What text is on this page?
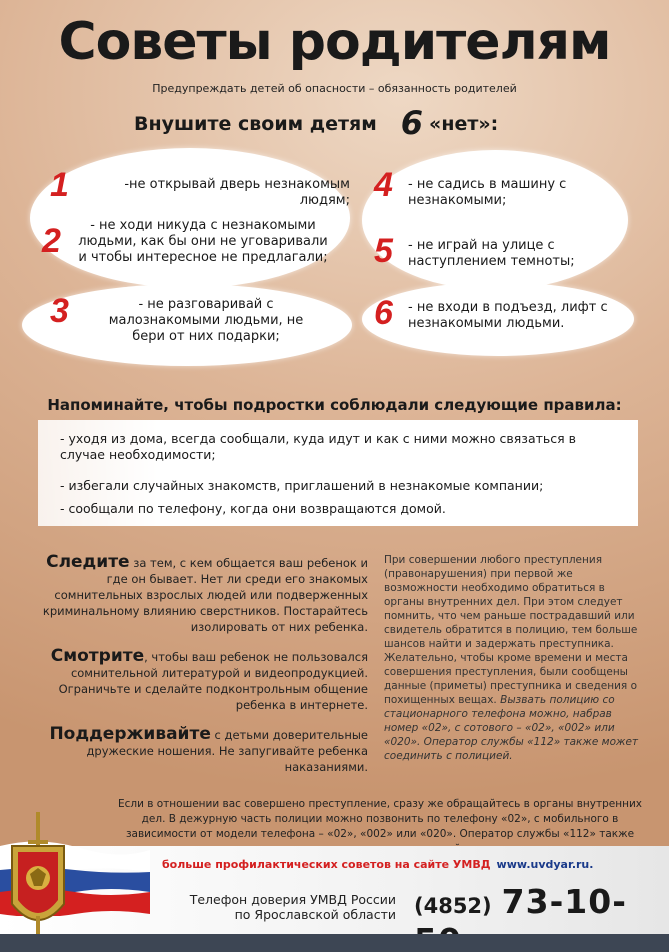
Советы родителям
Предупреждать детей об опасности – обязанность родителей
Внушите своим детям 6 «нет»:
1	-не открывай дверь незнакомым людям;
2	- не ходи никуда с незнакомыми людьми, как бы они не уговаривали и чтобы интересное не предлагали;
3	- не разговаривай с малознакомыми людьми, не бери от них подарки;
4 - не садись в машину с незнакомыми;
5 - не играй на улице с наступлением темноты;
6 - не входи в подъезд, лифт с незнакомыми людьми.
Напоминайте, чтобы подростки соблюдали следующие правила:
- уходя из дома, всегда сообщали, куда идут и как с ними можно связаться в случае необходимости;
- избегали случайных знакомств, приглашений в незнакомые компании;
- сообщали по телефону, когда они возвращаются домой.
Следите за тем, с кем общается ваш ребенок и где он бывает. Нет ли среди его знакомых сомнительных взрослых людей или подверженных криминальному влиянию сверстников. Постарайтесь изолировать от них ребенка.
Смотрите, чтобы ваш ребенок не пользовался сомнительной литературой и видеопродукцией. Ограничьте и сделайте подконтрольным общение ребенка в интернете.
Поддерживайте с детьми доверительные дружеские ношения. Не запугивайте ребенка наказаниями.
При совершении любого преступления (правонарушения) при первой же возможности необходимо обратиться в органы внутренних дел. При этом следует помнить, что чем раньше пострадавший или свидетель обратится в полицию, тем больше шансов найти и задержать преступника. Желательно, чтобы кроме времени и места совершения преступления, были сообщены данные (приметы) преступника и сведения о похищенных вещах. Вызвать полицию со стационарного телефона можно, набрав номер «02», с сотового – «02», «002» или «020». Оператор службы «112» также может соединить с полицией.
Если в отношении вас совершено преступление, сразу же обращайтесь в органы внутренних дел. В дежурную часть полиции можно позвонить по телефону «02», с мобильного в зависимости от модели телефона – «02», «002» или «020». Оператор службы «112» также
больше профилактических советов на сайте УМВД www.uvdyar.ru.
Телефон доверия УМВД России по Ярославской области (4852) 73-10-
